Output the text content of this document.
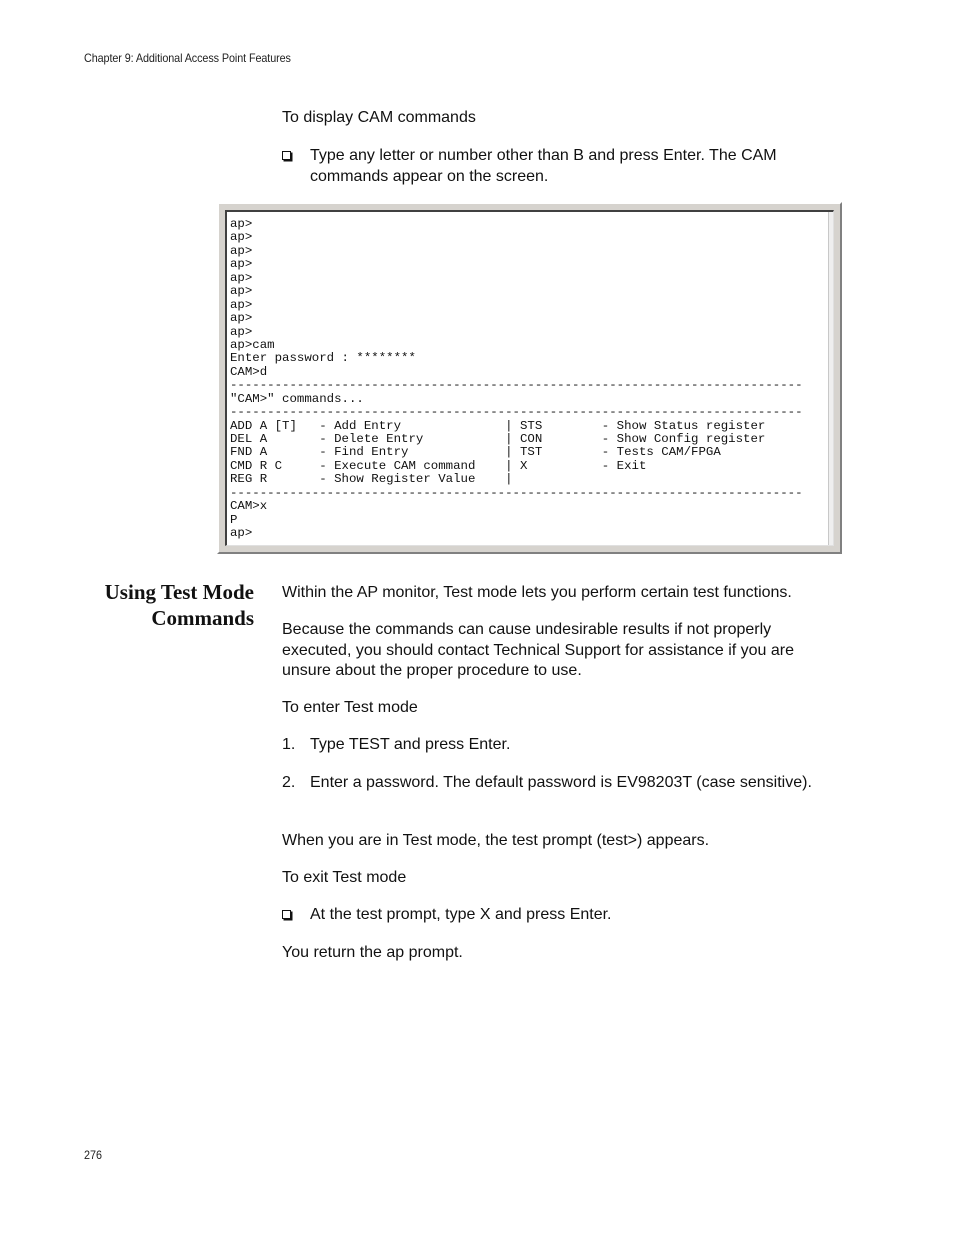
Chapter 9: Additional Access Point Features

To display CAM commands

Type any letter or number other than B and press Enter. The CAM commands appear on the screen.
ap>
ap>
ap>
ap>
ap>
ap>
ap>
ap>
ap>
ap>cam
Enter password : ********
CAM>d
-----------------------------------------------------------------------------
"CAM>" commands...
-----------------------------------------------------------------------------
ADD A [T]   - Add Entry              | STS        - Show Status register
DEL A       - Delete Entry           | CON        - Show Config register
FND A       - Find Entry             | TST        - Tests CAM/FPGA
CMD R C     - Execute CAM command    | X          - Exit
REG R       - Show Register Value    |
-----------------------------------------------------------------------------
CAM>x
P
ap>
Using Test Mode
Commands

Within the AP monitor, Test mode lets you perform certain test functions.

Because the commands can cause undesirable results if not properly executed, you should contact Technical Support for assistance if you are unsure about the proper procedure to use.

To enter Test mode

1. Type TEST and press Enter.
2. Enter a password. The default password is EV98203T (case sensitive).

When you are in Test mode, the test prompt (test>) appears.

To exit Test mode

At the test prompt, type X and press Enter.

You return the ap prompt.

276
